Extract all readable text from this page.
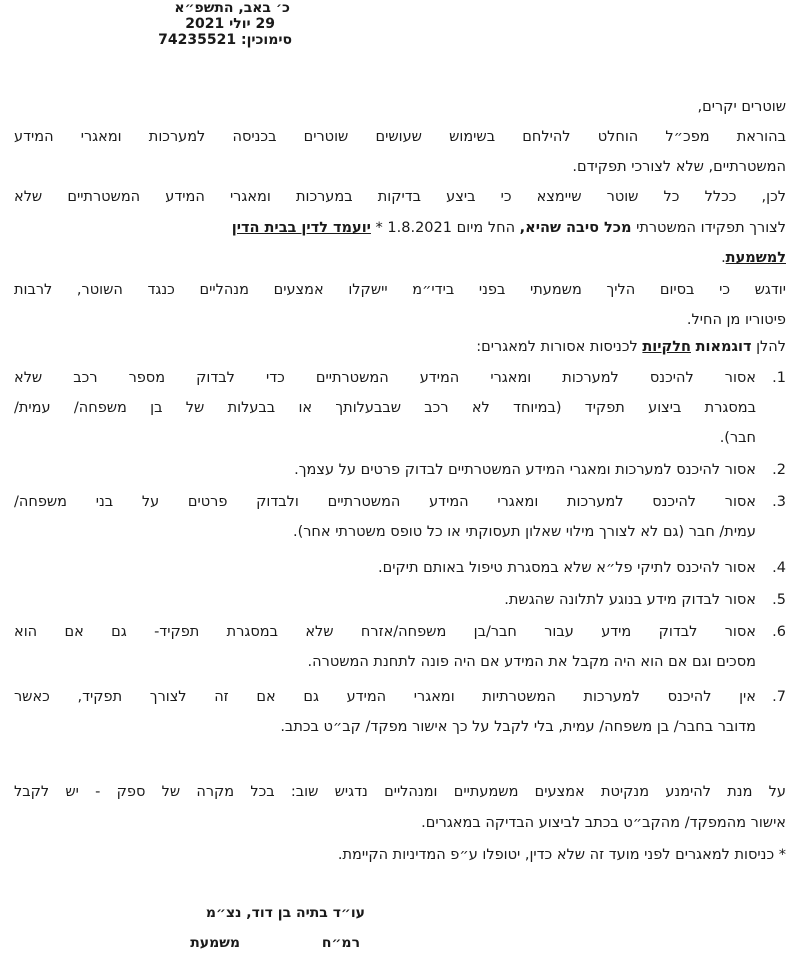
כ׳ באב, התשפ״א
29 יולי 2021
סימוכין: 74235521
שוטרים יקרים,
בהוראת מפכ״ל הוחלט להילחם בשימוש שעושים שוטרים בכניסה למערכות ומאגרי המידע
המשטרתיים, שלא לצורכי תפקידם.
לכן, ככלל כל שוטר שיימצא כי ביצע בדיקות במערכות ומאגרי המידע המשטרתיים שלא
לצורך תפקידו המשטרתי מכל סיבה שהיא, החל מיום 1.8.2021 * יועמד לדין בבית הדין
למשמעת.
יודגש כי בסיום הליך משמעתי בפני בידי״מ יישקלו אמצעים מנהליים כנגד השוטר, לרבות
פיטוריו מן החיל.
להלן דוגמאות חלקיות לכניסות אסורות למאגרים:
1.
אסור להיכנס למערכות ומאגרי המידע המשטרתיים כדי לבדוק מספר רכב שלא
במסגרת ביצוע תפקיד (במיוחד לא רכב שבבעלותך או בבעלות של בן משפחה/ עמית/
חבר).
2.
אסור להיכנס למערכות ומאגרי המידע המשטרתיים לבדוק פרטים על עצמך.
3.
אסור להיכנס למערכות ומאגרי המידע המשטרתיים ולבדוק פרטים על בני משפחה/
עמית/ חבר (גם לא לצורך מילוי שאלון תעסוקתי או כל טופס משטרתי אחר).
4.
אסור להיכנס לתיקי פל״א שלא במסגרת טיפול באותם תיקים.
5.
אסור לבדוק מידע בנוגע לתלונה שהגשת.
6.
אסור לבדוק מידע עבור חבר/בן משפחה/אזרח שלא במסגרת תפקיד- גם אם הוא
מסכים וגם אם הוא היה מקבל את המידע אם היה פונה לתחנת המשטרה.
7.
אין להיכנס למערכות המשטרתיות ומאגרי המידע גם אם זה לצורך תפקיד, כאשר
מדובר בחבר/ בן משפחה/ עמית, בלי לקבל על כך אישור מפקד/ קב״ט בכתב.
על מנת להימנע מנקיטת אמצעים משמעתיים ומנהליים נדגיש שוב: בכל מקרה של ספק - יש לקבל
אישור מהמפקד/ מהקב״ט בכתב לביצוע הבדיקה במאגרים.
* כניסות למאגרים לפני מועד זה שלא כדין, יטופלו ע״פ המדיניות הקיימת.
עו״ד בתיה בן דוד, נצ״מ
רמ״ח
משמעת
